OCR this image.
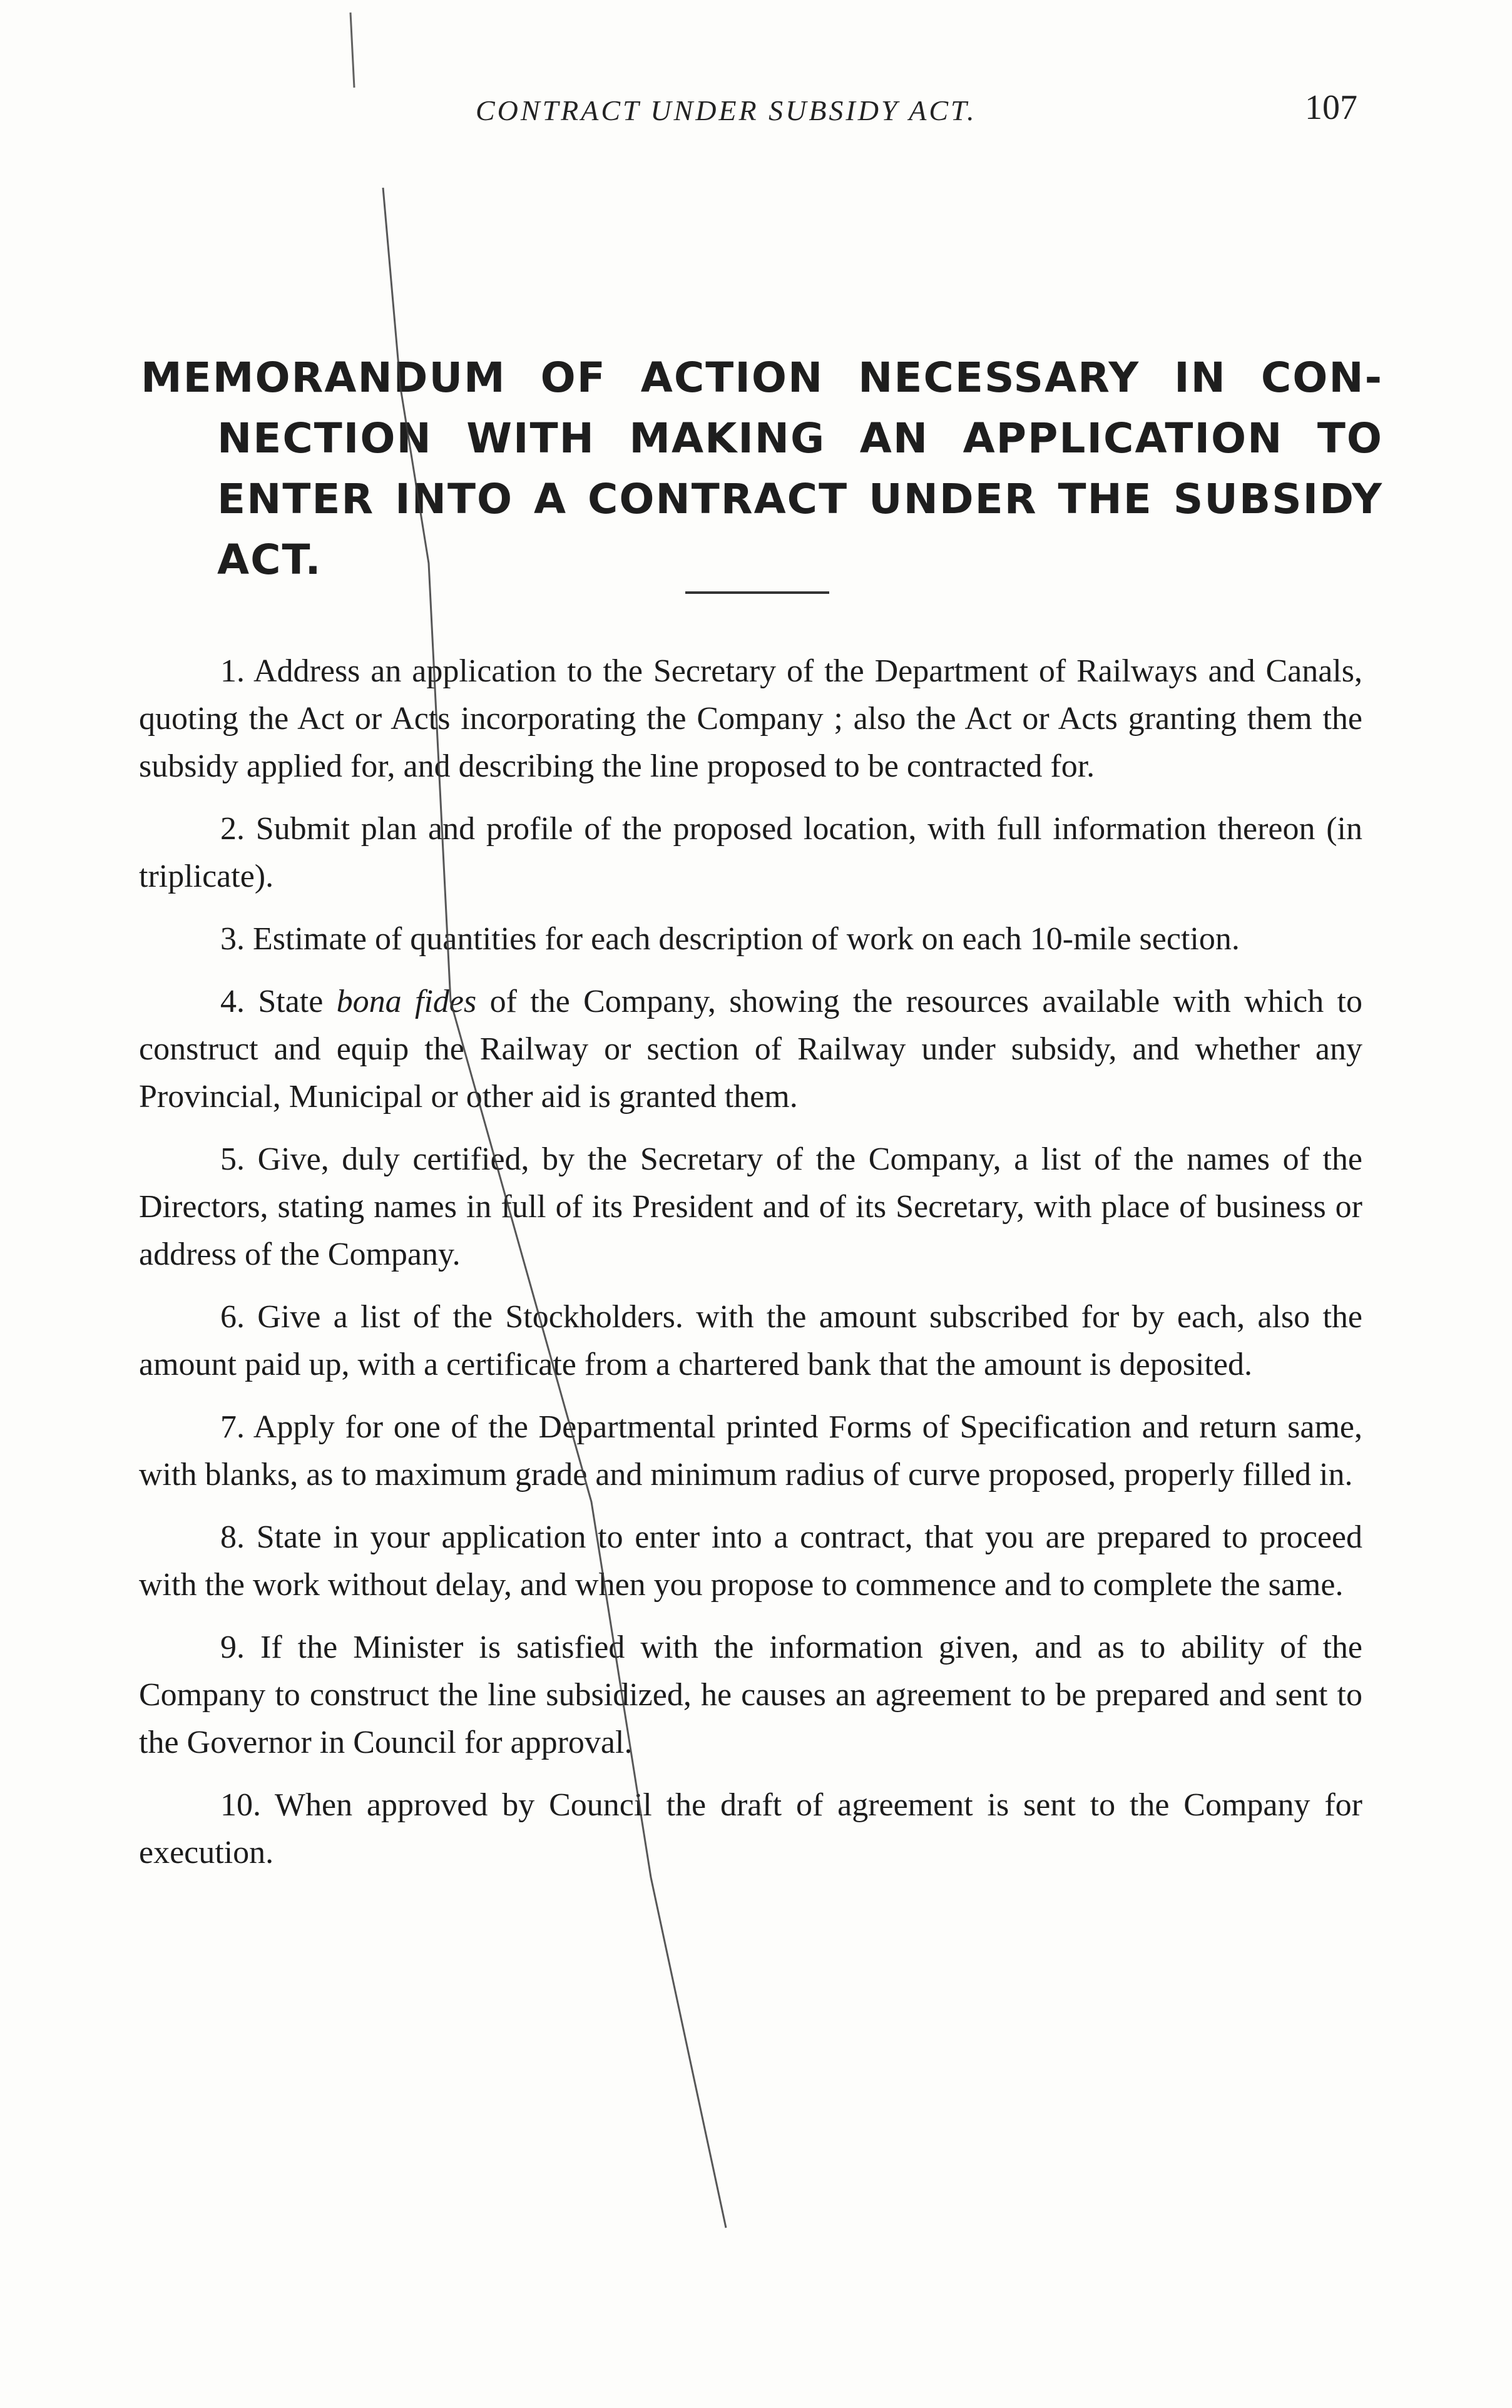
CONTRACT UNDER SUBSIDY ACT.	107
MEMORANDUM OF ACTION NECESSARY IN CON- NECTION WITH MAKING AN APPLICATION TO ENTER INTO A CONTRACT UNDER THE SUBSIDY ACT.

1. Address an application to the Secretary of the Department of Railways and Canals, quoting the Act or Acts incorporating the Company ; also the Act or Acts granting them the subsidy applied for, and describing the line proposed to be contracted for.

2. Submit plan and profile of the proposed location, with full information thereon (in triplicate).

3. Estimate of quantities for each description of work on each 10-mile section.

4. State bona fides of the Company, showing the resources available with which to construct and equip the Railway or section of Railway under subsidy, and whether any Provincial, Municipal or other aid is granted them.

5. Give, duly certified, by the Secretary of the Company, a list of the names of the Directors, stating names in full of its President and of its Secretary, with place of business or address of the Company.

6. Give a list of the Stockholders. with the amount subscribed for by each, also the amount paid up, with a certificate from a chartered bank that the amount is deposited.

7. Apply for one of the Departmental printed Forms of Specification and return same, with blanks, as to maximum grade and minimum radius of curve proposed, properly filled in.

8. State in your application to enter into a contract, that you are prepared to proceed with the work without delay, and when you propose to commence and to complete the same.

9. If the Minister is satisfied with the information given, and as to ability of the Company to construct the line subsidized, he causes an agreement to be prepared and sent to the Governor in Council for approval.

10. When approved by Council the draft of agreement is sent to the Company for execution.
